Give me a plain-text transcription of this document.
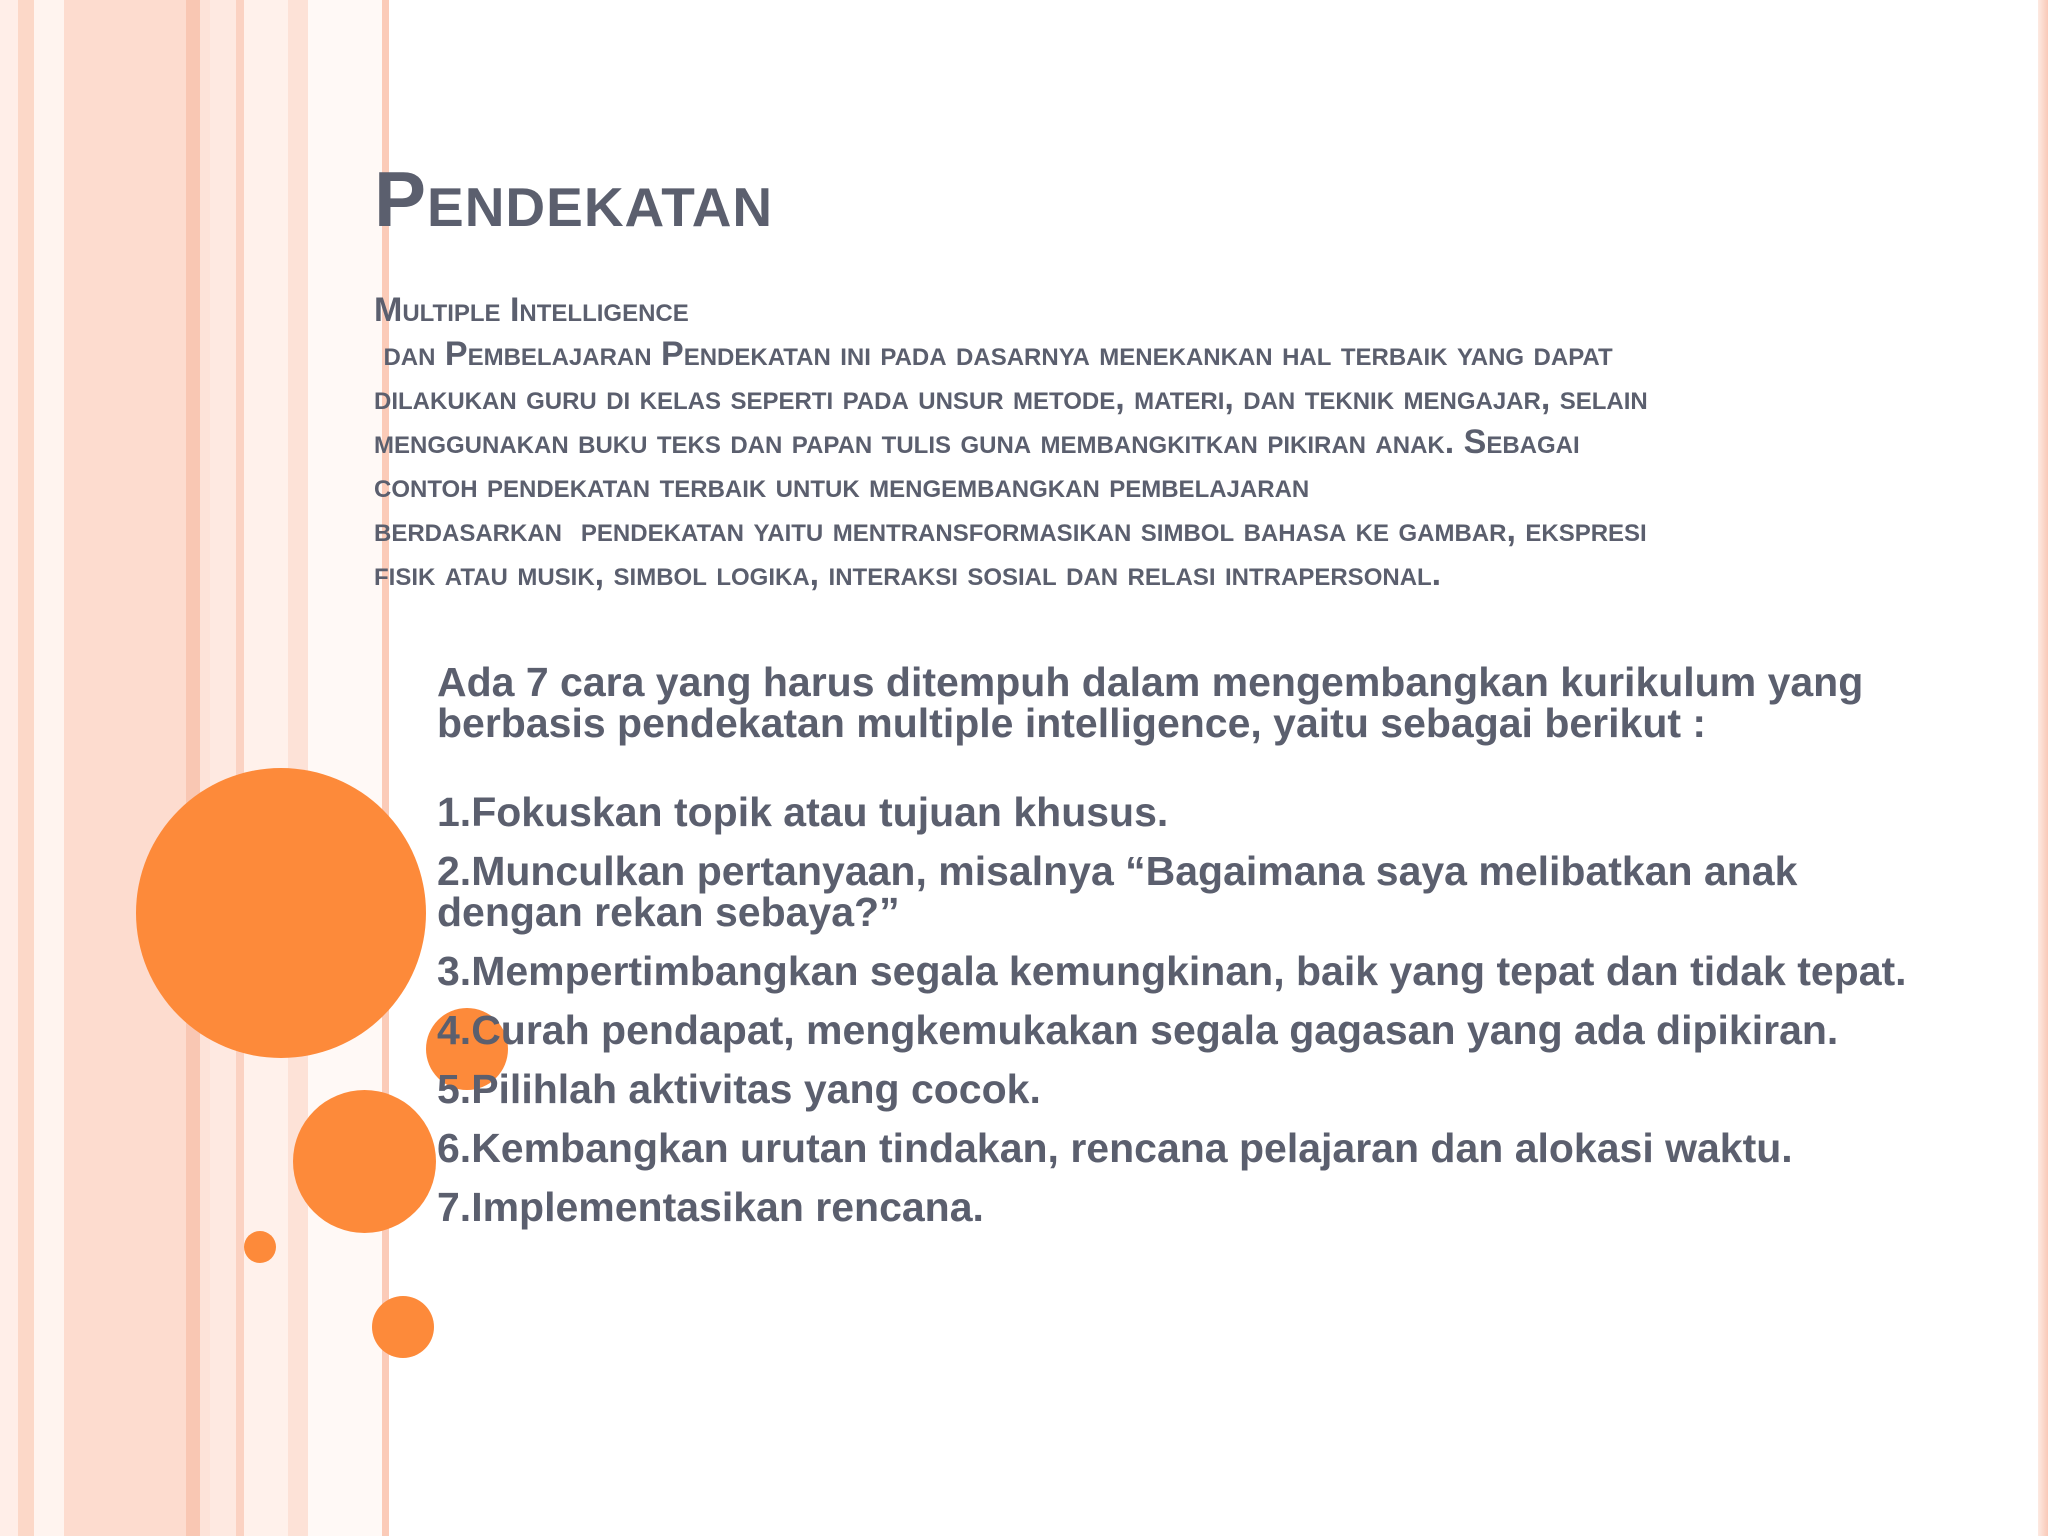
Pendekatan
Multiple Intelligence
dan Pembelajaran Pendekatan ini pada dasarnya menekankan hal terbaik yang dapat
dilakukan guru di kelas seperti pada unsur metode, materi, dan teknik mengajar, selain
menggunakan buku teks dan papan tulis guna membangkitkan pikiran anak. Sebagai
contoh pendekatan terbaik untuk mengembangkan pembelajaran
berdasarkan  pendekatan yaitu mentransformasikan simbol bahasa ke gambar, ekspresi
fisik atau musik, simbol logika, interaksi sosial dan relasi intrapersonal.

Ada 7 cara yang harus ditempuh dalam mengembangkan kurikulum yang berbasis pendekatan multiple intelligence, yaitu sebagai berikut :

1.Fokuskan topik atau tujuan khusus.
2.Munculkan pertanyaan, misalnya “Bagaimana saya melibatkan anak dengan rekan sebaya?”
3.Mempertimbangkan segala kemungkinan, baik yang tepat dan tidak tepat.
4.Curah pendapat, mengkemukakan segala gagasan yang ada dipikiran.
5.Pilihlah aktivitas yang cocok.
6.Kembangkan urutan tindakan, rencana pelajaran dan alokasi waktu.
7.Implementasikan rencana.
